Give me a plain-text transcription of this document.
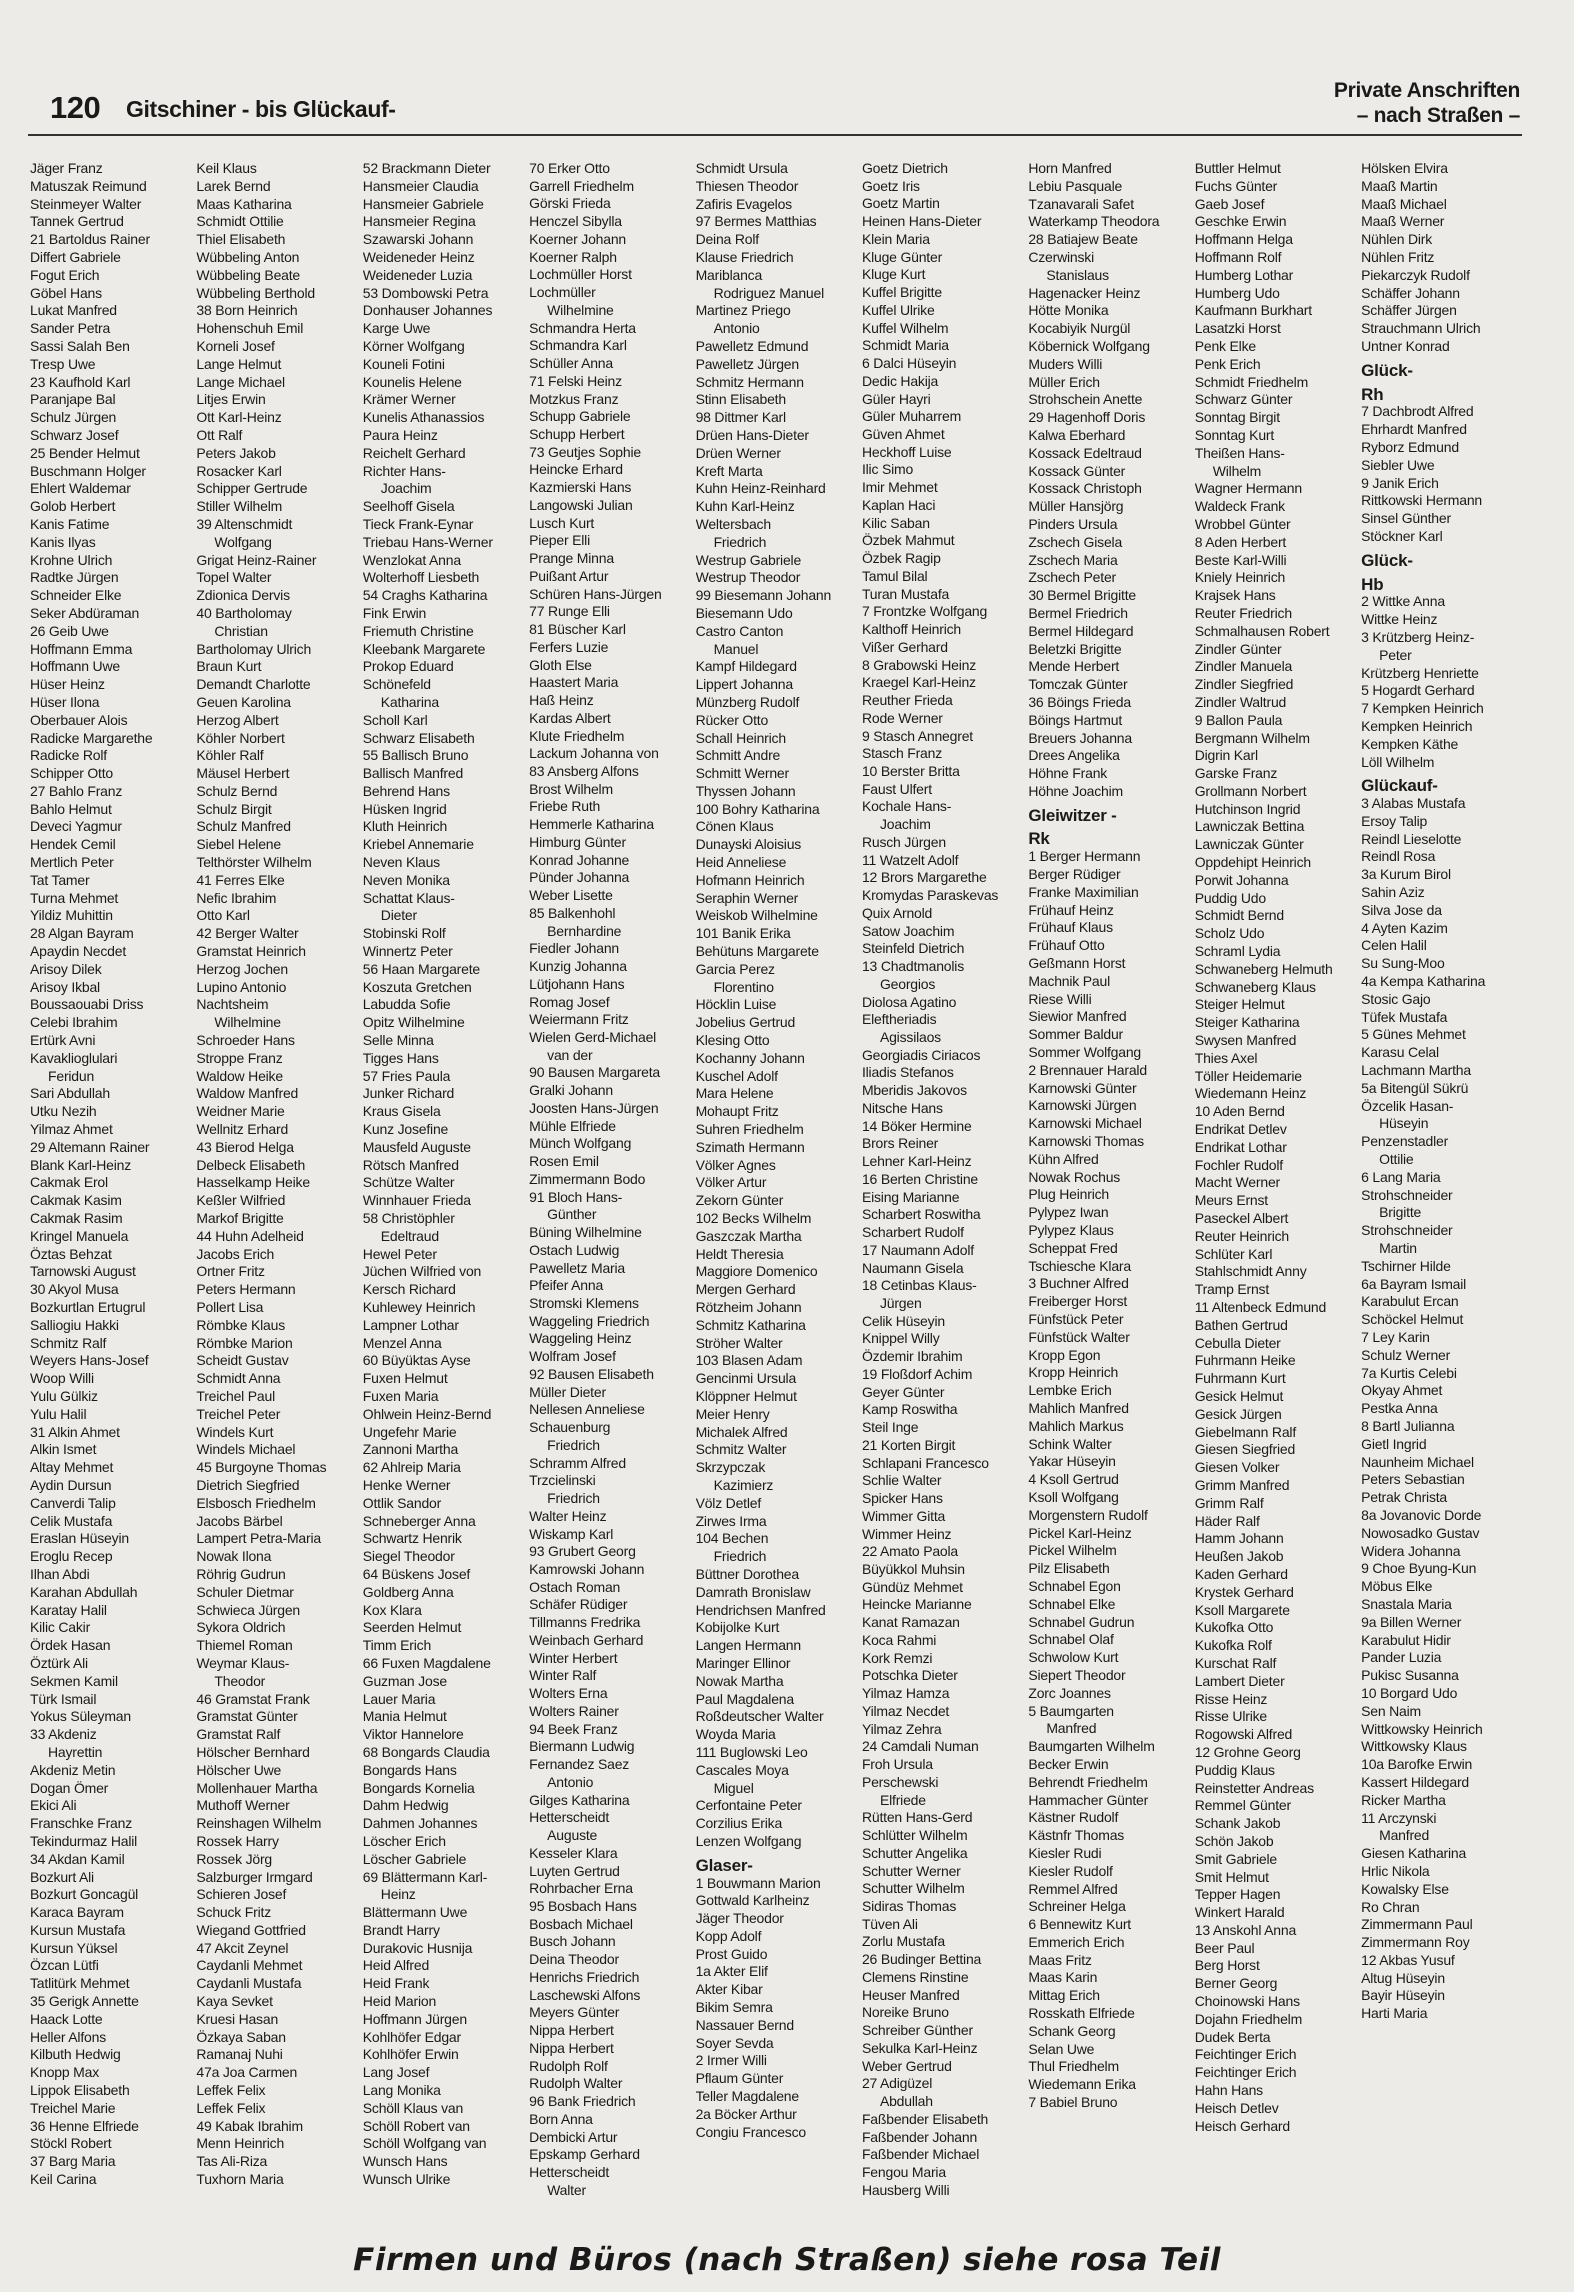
120 Gitschiner - bis Glückauf-
Private Anschriften
– nach Straßen –
Jäger Franz
Matuszak Reimund
Steinmeyer Walter
Tannek Gertrud
21 Bartoldus Rainer
Differt Gabriele
Fogut Erich
Göbel Hans
Lukat Manfred
Sander Petra
Sassi Salah Ben
Tresp Uwe
23 Kaufhold Karl
Paranjape Bal
Schulz Jürgen
Schwarz Josef
25 Bender Helmut
Buschmann Holger
Ehlert Waldemar
Golob Herbert
Kanis Fatime
Kanis Ilyas
Krohne Ulrich
Radtke Jürgen
Schneider Elke
Seker Abdüraman
26 Geib Uwe
Hoffmann Emma
Hoffmann Uwe
Hüser Heinz
Hüser Ilona
Oberbauer Alois
Radicke Margarethe
Radicke Rolf
Schipper Otto
27 Bahlo Franz
Bahlo Helmut
Deveci Yagmur
Hendek Cemil
Mertlich Peter
Tat Tamer
Turna Mehmet
Yildiz Muhittin
28 Algan Bayram
Apaydin Necdet
Arisoy Dilek
Arisoy Ikbal
Boussaouabi Driss
Celebi Ibrahim
Ertürk Avni
Kavaklioglulari
Feridun
Sari Abdullah
Utku Nezih
Yilmaz Ahmet
29 Altemann Rainer
Blank Karl-Heinz
Cakmak Erol
Cakmak Kasim
Cakmak Rasim
Kringel Manuela
Öztas Behzat
Tarnowski August
30 Akyol Musa
Bozkurtlan Ertugrul
Salliogiu Hakki
Schmitz Ralf
Weyers Hans-Josef
Woop Willi
Yulu Gülkiz
Yulu Halil
31 Alkin Ahmet
Alkin Ismet
Altay Mehmet
Aydin Dursun
Canverdi Talip
Celik Mustafa
Eraslan Hüseyin
Eroglu Recep
Ilhan Abdi
Karahan Abdullah
Karatay Halil
Kilic Cakir
Ördek Hasan
Öztürk Ali
Sekmen Kamil
Türk Ismail
Yokus Süleyman
33 Akdeniz
Hayrettin
Akdeniz Metin
Dogan Ömer
Ekici Ali
Franschke Franz
Tekindurmaz Halil
34 Akdan Kamil
Bozkurt Ali
Bozkurt Goncagül
Karaca Bayram
Kursun Mustafa
Kursun Yüksel
Özcan Lütfi
Tatlitürk Mehmet
35 Gerigk Annette
Haack Lotte
Heller Alfons
Kilbuth Hedwig
Knopp Max
Lippok Elisabeth
Treichel Marie
36 Henne Elfriede
Stöckl Robert
37 Barg Maria
Keil Carina
Keil Klaus
Larek Bernd
Maas Katharina
Schmidt Ottilie
Thiel Elisabeth
Wübbeling Anton
Wübbeling Beate
Wübbeling Berthold
38 Born Heinrich
Hohenschuh Emil
Korneli Josef
Lange Helmut
Lange Michael
Litjes Erwin
Ott Karl-Heinz
Ott Ralf
Peters Jakob
Rosacker Karl
Schipper Gertrude
Stiller Wilhelm
39 Altenschmidt
Wolfgang
Grigat Heinz-Rainer
Topel Walter
Zdionica Dervis
40 Bartholomay
Christian
Bartholomay Ulrich
Braun Kurt
Demandt Charlotte
Geuen Karolina
Herzog Albert
Köhler Norbert
Köhler Ralf
Mäusel Herbert
Schulz Bernd
Schulz Birgit
Schulz Manfred
Siebel Helene
Telthörster Wilhelm
41 Ferres Elke
Nefic Ibrahim
Otto Karl
42 Berger Walter
Gramstat Heinrich
Herzog Jochen
Lupino Antonio
Nachtsheim
Wilhelmine
Schroeder Hans
Stroppe Franz
Waldow Heike
Waldow Manfred
Weidner Marie
Wellnitz Erhard
43 Bierod Helga
Delbeck Elisabeth
Hasselkamp Heike
Keßler Wilfried
Markof Brigitte
44 Huhn Adelheid
Jacobs Erich
Ortner Fritz
Peters Hermann
Pollert Lisa
Römbke Klaus
Römbke Marion
Scheidt Gustav
Schmidt Anna
Treichel Paul
Treichel Peter
Windels Kurt
Windels Michael
45 Burgoyne Thomas
Dietrich Siegfried
Elsbosch Friedhelm
Jacobs Bärbel
Lampert Petra-Maria
Nowak Ilona
Röhrig Gudrun
Schuler Dietmar
Schwieca Jürgen
Sykora Oldrich
Thiemel Roman
Weymar Klaus-
Theodor
46 Gramstat Frank
Gramstat Günter
Gramstat Ralf
Hölscher Bernhard
Hölscher Uwe
Mollenhauer Martha
Muthoff Werner
Reinshagen Wilhelm
Rossek Harry
Rossek Jörg
Salzburger Irmgard
Schieren Josef
Schuck Fritz
Wiegand Gottfried
47 Akcit Zeynel
Caydanli Mehmet
Caydanli Mustafa
Kaya Sevket
Kruesi Hasan
Özkaya Saban
Ramanaj Nuhi
47a Joa Carmen
Leffek Felix
Leffek Felix
49 Kabak Ibrahim
Menn Heinrich
Tas Ali-Riza
Tuxhorn Maria
52 Brackmann Dieter
Hansmeier Claudia
Hansmeier Gabriele
Hansmeier Regina
Szawarski Johann
Weideneder Heinz
Weideneder Luzia
53 Dombowski Petra
Donhauser Johannes
Karge Uwe
Körner Wolfgang
Kouneli Fotini
Kounelis Helene
Krämer Werner
Kunelis Athanassios
Paura Heinz
Reichelt Gerhard
Richter Hans-
Joachim
Seelhoff Gisela
Tieck Frank-Eynar
Triebau Hans-Werner
Wenzlokat Anna
Wolterhoff Liesbeth
54 Craghs Katharina
Fink Erwin
Friemuth Christine
Kleebank Margarete
Prokop Eduard
Schönefeld
Katharina
Scholl Karl
Schwarz Elisabeth
55 Ballisch Bruno
Ballisch Manfred
Behrend Hans
Hüsken Ingrid
Kluth Heinrich
Kriebel Annemarie
Neven Klaus
Neven Monika
Schattat Klaus-
Dieter
Stobinski Rolf
Winnertz Peter
56 Haan Margarete
Koszuta Gretchen
Labudda Sofie
Opitz Wilhelmine
Selle Minna
Tigges Hans
57 Fries Paula
Junker Richard
Kraus Gisela
Kunz Josefine
Mausfeld Auguste
Rötsch Manfred
Schütze Walter
Winnhauer Frieda
58 Christöphler
Edeltraud
Hewel Peter
Jüchen Wilfried von
Kersch Richard
Kuhlewey Heinrich
Lampner Lothar
Menzel Anna
60 Büyüktas Ayse
Fuxen Helmut
Fuxen Maria
Ohlwein Heinz-Bernd
Ungefehr Marie
Zannoni Martha
62 Ahlreip Maria
Henke Werner
Ottlik Sandor
Schneberger Anna
Schwartz Henrik
Siegel Theodor
64 Büskens Josef
Goldberg Anna
Kox Klara
Seerden Helmut
Timm Erich
66 Fuxen Magdalene
Guzman Jose
Lauer Maria
Mania Helmut
Viktor Hannelore
68 Bongards Claudia
Bongards Hans
Bongards Kornelia
Dahm Hedwig
Dahmen Johannes
Löscher Erich
Löscher Gabriele
69 Blättermann Karl-
Heinz
Blättermann Uwe
Brandt Harry
Durakovic Husnija
Heid Alfred
Heid Frank
Heid Marion
Hoffmann Jürgen
Kohlhöfer Edgar
Kohlhöfer Erwin
Lang Josef
Lang Monika
Schöll Klaus van
Schöll Robert van
Schöll Wolfgang van
Wunsch Hans
Wunsch Ulrike
70 Erker Otto
Garrell Friedhelm
Görski Frieda
Henczel Sibylla
Koerner Johann
Koerner Ralph
Lochmüller Horst
Lochmüller
Wilhelmine
Schmandra Herta
Schmandra Karl
Schüller Anna
71 Felski Heinz
Motzkus Franz
Schupp Gabriele
Schupp Herbert
73 Geutjes Sophie
Heincke Erhard
Kazmierski Hans
Langowski Julian
Lusch Kurt
Pieper Elli
Prange Minna
Puißant Artur
Schüren Hans-Jürgen
77 Runge Elli
81 Büscher Karl
Ferfers Luzie
Gloth Else
Haastert Maria
Haß Heinz
Kardas Albert
Klute Friedhelm
Lackum Johanna von
83 Ansberg Alfons
Brost Wilhelm
Friebe Ruth
Hemmerle Katharina
Himburg Günter
Konrad Johanne
Pünder Johanna
Weber Lisette
85 Balkenhohl
Bernhardine
Fiedler Johann
Kunzig Johanna
Lütjohann Hans
Romag Josef
Weiermann Fritz
Wielen Gerd-Michael
van der
90 Bausen Margareta
Gralki Johann
Joosten Hans-Jürgen
Mühle Elfriede
Münch Wolfgang
Rosen Emil
Zimmermann Bodo
91 Bloch Hans-
Günther
Büning Wilhelmine
Ostach Ludwig
Pawelletz Maria
Pfeifer Anna
Stromski Klemens
Waggeling Friedrich
Waggeling Heinz
Wolfram Josef
92 Bausen Elisabeth
Müller Dieter
Nellesen Anneliese
Schauenburg
Friedrich
Schramm Alfred
Trzcielinski
Friedrich
Walter Heinz
Wiskamp Karl
93 Grubert Georg
Kamrowski Johann
Ostach Roman
Schäfer Rüdiger
Tillmanns Fredrika
Weinbach Gerhard
Winter Herbert
Winter Ralf
Wolters Erna
Wolters Rainer
94 Beek Franz
Biermann Ludwig
Fernandez Saez
Antonio
Gilges Katharina
Hetterscheidt
Auguste
Kesseler Klara
Luyten Gertrud
Rohrbacher Erna
95 Bosbach Hans
Bosbach Michael
Busch Johann
Deina Theodor
Henrichs Friedrich
Laschewski Alfons
Meyers Günter
Nippa Herbert
Nippa Herbert
Rudolph Rolf
Rudolph Walter
96 Bank Friedrich
Born Anna
Dembicki Artur
Epskamp Gerhard
Hetterscheidt
Walter
Schmidt Ursula
Thiesen Theodor
Zafiris Evagelos
97 Bermes Matthias
Deina Rolf
Klause Friedrich
Mariblanca
Rodriguez Manuel
Martinez Priego
Antonio
Pawelletz Edmund
Pawelletz Jürgen
Schmitz Hermann
Stinn Elisabeth
98 Dittmer Karl
Drüen Hans-Dieter
Drüen Werner
Kreft Marta
Kuhn Heinz-Reinhard
Kuhn Karl-Heinz
Weltersbach
Friedrich
Westrup Gabriele
Westrup Theodor
99 Biesemann Johann
Biesemann Udo
Castro Canton
Manuel
Kampf Hildegard
Lippert Johanna
Münzberg Rudolf
Rücker Otto
Schall Heinrich
Schmitt Andre
Schmitt Werner
Thyssen Johann
100 Bohry Katharina
Cönen Klaus
Dunayski Aloisius
Heid Anneliese
Hofmann Heinrich
Seraphin Werner
Weiskob Wilhelmine
101 Banik Erika
Behütuns Margarete
Garcia Perez
Florentino
Höcklin Luise
Jobelius Gertrud
Klesing Otto
Kochanny Johann
Kuschel Adolf
Mara Helene
Mohaupt Fritz
Suhren Friedhelm
Szimath Hermann
Völker Agnes
Völker Artur
Zekorn Günter
102 Becks Wilhelm
Gaszczak Martha
Heldt Theresia
Maggiore Domenico
Mergen Gerhard
Rötzheim Johann
Schmitz Katharina
Ströher Walter
103 Blasen Adam
Gencinmi Ursula
Klöppner Helmut
Meier Henry
Michalek Alfred
Schmitz Walter
Skrzypczak
Kazimierz
Völz Detlef
Zirwes Irma
104 Bechen
Friedrich
Büttner Dorothea
Damrath Bronislaw
Hendrichsen Manfred
Kobijolke Kurt
Langen Hermann
Maringer Ellinor
Nowak Martha
Paul Magdalena
Roßdeutscher Walter
Woyda Maria
111 Buglowski Leo
Cascales Moya
Miguel
Cerfontaine Peter
Corzilius Erika
Lenzen Wolfgang
Glaser-
1 Bouwmann Marion
Gottwald Karlheinz
Jäger Theodor
Kopp Adolf
Prost Guido
1a Akter Elif
Akter Kibar
Bikim Semra
Nassauer Bernd
Soyer Sevda
2 Irmer Willi
Pflaum Günter
Teller Magdalene
2a Böcker Arthur
Congiu Francesco
Goetz Dietrich
Goetz Iris
Goetz Martin
Heinen Hans-Dieter
Klein Maria
Kluge Günter
Kluge Kurt
Kuffel Brigitte
Kuffel Ulrike
Kuffel Wilhelm
Schmidt Maria
6 Dalci Hüseyin
Dedic Hakija
Güler Hayri
Güler Muharrem
Güven Ahmet
Heckhoff Luise
Ilic Simo
Imir Mehmet
Kaplan Haci
Kilic Saban
Özbek Mahmut
Özbek Ragip
Tamul Bilal
Turan Mustafa
7 Frontzke Wolfgang
Kalthoff Heinrich
Vißer Gerhard
8 Grabowski Heinz
Kraegel Karl-Heinz
Reuther Frieda
Rode Werner
9 Stasch Annegret
Stasch Franz
10 Berster Britta
Faust Ulfert
Kochale Hans-
Joachim
Rusch Jürgen
11 Watzelt Adolf
12 Brors Margarethe
Kromydas Paraskevas
Quix Arnold
Satow Joachim
Steinfeld Dietrich
13 Chadtmanolis
Georgios
Diolosa Agatino
Eleftheriadis
Agissilaos
Georgiadis Ciriacos
Iliadis Stefanos
Mberidis Jakovos
Nitsche Hans
14 Böker Hermine
Brors Reiner
Lehner Karl-Heinz
16 Berten Christine
Eising Marianne
Scharbert Roswitha
Scharbert Rudolf
17 Naumann Adolf
Naumann Gisela
18 Cetinbas Klaus-
Jürgen
Celik Hüseyin
Knippel Willy
Özdemir Ibrahim
19 Floßdorf Achim
Geyer Günter
Kamp Roswitha
Steil Inge
21 Korten Birgit
Schlapani Francesco
Schlie Walter
Spicker Hans
Wimmer Gitta
Wimmer Heinz
22 Amato Paola
Büyükkol Muhsin
Gündüz Mehmet
Heincke Marianne
Kanat Ramazan
Koca Rahmi
Kork Remzi
Potschka Dieter
Yilmaz Hamza
Yilmaz Necdet
Yilmaz Zehra
24 Camdali Numan
Froh Ursula
Perschewski
Elfriede
Rütten Hans-Gerd
Schlütter Wilhelm
Schutter Angelika
Schutter Werner
Schutter Wilhelm
Sidiras Thomas
Tüven Ali
Zorlu Mustafa
26 Budinger Bettina
Clemens Rinstine
Heuser Manfred
Noreike Bruno
Schreiber Günther
Sekulka Karl-Heinz
Weber Gertrud
27 Adigüzel
Abdullah
Faßbender Elisabeth
Faßbender Johann
Faßbender Michael
Fengou Maria
Hausberg Willi
Horn Manfred
Lebiu Pasquale
Tzanavarali Safet
Waterkamp Theodora
28 Batiajew Beate
Czerwinski
Stanislaus
Hagenacker Heinz
Hötte Monika
Kocabiyik Nurgül
Köbernick Wolfgang
Muders Willi
Müller Erich
Strohschein Anette
29 Hagenhoff Doris
Kalwa Eberhard
Kossack Edeltraud
Kossack Günter
Kossack Christoph
Müller Hansjörg
Pinders Ursula
Zschech Gisela
Zschech Maria
Zschech Peter
30 Bermel Brigitte
Bermel Friedrich
Bermel Hildegard
Beletzki Brigitte
Mende Herbert
Tomczak Günter
36 Böings Frieda
Böings Hartmut
Breuers Johanna
Drees Angelika
Höhne Frank
Höhne Joachim
Gleiwitzer -
Rk
1 Berger Hermann
Berger Rüdiger
Franke Maximilian
Frühauf Heinz
Frühauf Klaus
Frühauf Otto
Geßmann Horst
Machnik Paul
Riese Willi
Siewior Manfred
Sommer Baldur
Sommer Wolfgang
2 Brennauer Harald
Karnowski Günter
Karnowski Jürgen
Karnowski Michael
Karnowski Thomas
Kühn Alfred
Nowak Rochus
Plug Heinrich
Pylypez Iwan
Pylypez Klaus
Scheppat Fred
Tschiesche Klara
3 Buchner Alfred
Freiberger Horst
Fünfstück Peter
Fünfstück Walter
Kropp Egon
Kropp Heinrich
Lembke Erich
Mahlich Manfred
Mahlich Markus
Schink Walter
Yakar Hüseyin
4 Ksoll Gertrud
Ksoll Wolfgang
Morgenstern Rudolf
Pickel Karl-Heinz
Pickel Wilhelm
Pilz Elisabeth
Schnabel Egon
Schnabel Elke
Schnabel Gudrun
Schnabel Olaf
Schwolow Kurt
Siepert Theodor
Zorc Joannes
5 Baumgarten
Manfred
Baumgarten Wilhelm
Becker Erwin
Behrendt Friedhelm
Hammacher Günter
Kästner Rudolf
Kästnfr Thomas
Kiesler Rudi
Kiesler Rudolf
Remmel Alfred
Schreiner Helga
6 Bennewitz Kurt
Emmerich Erich
Maas Fritz
Maas Karin
Mittag Erich
Rosskath Elfriede
Schank Georg
Selan Uwe
Thul Friedhelm
Wiedemann Erika
7 Babiel Bruno
Buttler Helmut
Fuchs Günter
Gaeb Josef
Geschke Erwin
Hoffmann Helga
Hoffmann Rolf
Humberg Lothar
Humberg Udo
Kaufmann Burkhart
Lasatzki Horst
Penk Elke
Penk Erich
Schmidt Friedhelm
Schwarz Günter
Sonntag Birgit
Sonntag Kurt
Theißen Hans-
Wilhelm
Wagner Hermann
Waldeck Frank
Wrobbel Günter
8 Aden Herbert
Beste Karl-Willi
Kniely Heinrich
Krajsek Hans
Reuter Friedrich
Schmalhausen Robert
Zindler Günter
Zindler Manuela
Zindler Siegfried
Zindler Waltrud
9 Ballon Paula
Bergmann Wilhelm
Digrin Karl
Garske Franz
Grollmann Norbert
Hutchinson Ingrid
Lawniczak Bettina
Lawniczak Günter
Oppdehipt Heinrich
Porwit Johanna
Puddig Udo
Schmidt Bernd
Scholz Udo
Schraml Lydia
Schwaneberg Helmuth
Schwaneberg Klaus
Steiger Helmut
Steiger Katharina
Swysen Manfred
Thies Axel
Töller Heidemarie
Wiedemann Heinz
10 Aden Bernd
Endrikat Detlev
Endrikat Lothar
Fochler Rudolf
Macht Werner
Meurs Ernst
Paseckel Albert
Reuter Heinrich
Schlüter Karl
Stahlschmidt Anny
Tramp Ernst
11 Altenbeck Edmund
Bathen Gertrud
Cebulla Dieter
Fuhrmann Heike
Fuhrmann Kurt
Gesick Helmut
Gesick Jürgen
Giebelmann Ralf
Giesen Siegfried
Giesen Volker
Grimm Manfred
Grimm Ralf
Häder Ralf
Hamm Johann
Heußen Jakob
Kaden Gerhard
Krystek Gerhard
Ksoll Margarete
Kukofka Otto
Kukofka Rolf
Kurschat Ralf
Lambert Dieter
Risse Heinz
Risse Ulrike
Rogowski Alfred
12 Grohne Georg
Puddig Klaus
Reinstetter Andreas
Remmel Günter
Schank Jakob
Schön Jakob
Smit Gabriele
Smit Helmut
Tepper Hagen
Winkert Harald
13 Anskohl Anna
Beer Paul
Berg Horst
Berner Georg
Choinowski Hans
Dojahn Friedhelm
Dudek Berta
Feichtinger Erich
Feichtinger Erich
Hahn Hans
Heisch Detlev
Heisch Gerhard
Hölsken Elvira
Maaß Martin
Maaß Michael
Maaß Werner
Nühlen Dirk
Nühlen Fritz
Piekarczyk Rudolf
Schäffer Johann
Schäffer Jürgen
Strauchmann Ulrich
Untner Konrad
Glück-
Rh
7 Dachbrodt Alfred
Ehrhardt Manfred
Ryborz Edmund
Siebler Uwe
9 Janik Erich
Rittkowski Hermann
Sinsel Günther
Stöckner Karl
Glück-
Hb
2 Wittke Anna
Wittke Heinz
3 Krützberg Heinz-
Peter
Krützberg Henriette
5 Hogardt Gerhard
7 Kempken Heinrich
Kempken Heinrich
Kempken Käthe
Löll Wilhelm
Glückauf-
3 Alabas Mustafa
Ersoy Talip
Reindl Lieselotte
Reindl Rosa
3a Kurum Birol
Sahin Aziz
Silva Jose da
4 Ayten Kazim
Celen Halil
Su Sung-Moo
4a Kempa Katharina
Stosic Gajo
Tüfek Mustafa
5 Günes Mehmet
Karasu Celal
Lachmann Martha
5a Bitengül Sükrü
Özcelik Hasan-
Hüseyin
Penzenstadler
Ottilie
6 Lang Maria
Strohschneider
Brigitte
Strohschneider
Martin
Tschirner Hilde
6a Bayram Ismail
Karabulut Ercan
Schöckel Helmut
7 Ley Karin
Schulz Werner
7a Kurtis Celebi
Okyay Ahmet
Pestka Anna
8 Bartl Julianna
Gietl Ingrid
Naunheim Michael
Peters Sebastian
Petrak Christa
8a Jovanovic Dorde
Nowosadko Gustav
Widera Johanna
9 Choe Byung-Kun
Möbus Elke
Snastala Maria
9a Billen Werner
Karabulut Hidir
Pander Luzia
Pukisc Susanna
10 Borgard Udo
Sen Naim
Wittkowsky Heinrich
Wittkowsky Klaus
10a Barofke Erwin
Kassert Hildegard
Ricker Martha
11 Arczynski
Manfred
Giesen Katharina
Hrlic Nikola
Kowalsky Else
Ro Chran
Zimmermann Paul
Zimmermann Roy
12 Akbas Yusuf
Altug Hüseyin
Bayir Hüseyin
Harti Maria
Firmen und Büros (nach Straßen) siehe rosa Teil
